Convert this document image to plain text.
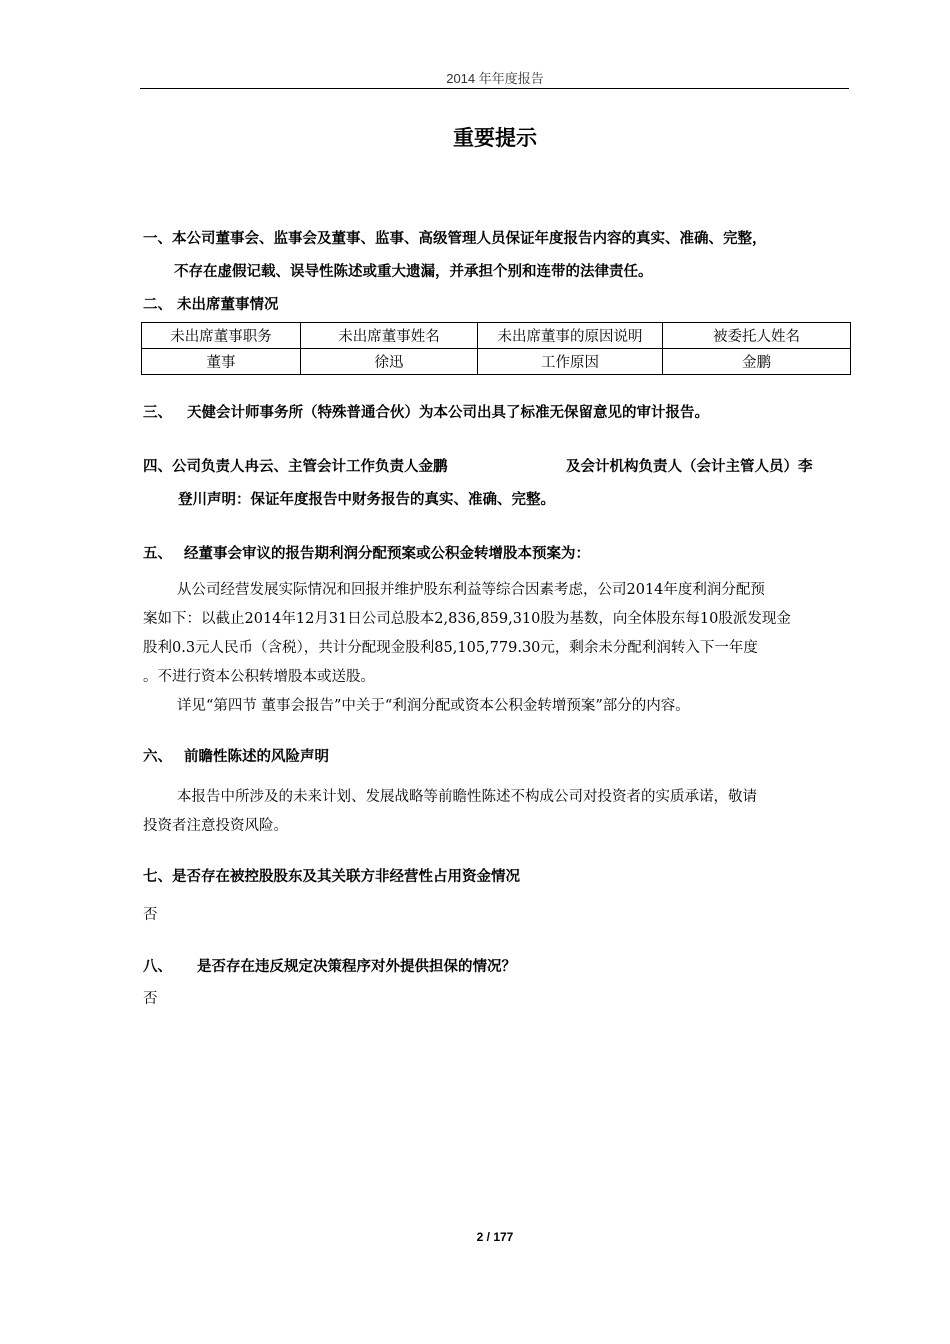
2014 年年度报告
重要提示
一、本公司董事会、监事会及董事、监事、高级管理人员保证年度报告内容的真实、准确、完整，
不存在虚假记载、误导性陈述或重大遗漏，并承担个别和连带的法律责任。
二、 未出席董事情况
未出席董事职务	未出席董事姓名	未出席董事的原因说明	被委托人姓名
董事	徐迅	工作原因	金鹏
三、 天健会计师事务所（特殊普通合伙）为本公司出具了标准无保留意见的审计报告。
四、公司负责人冉云、主管会计工作负责人金鹏	及会计机构负责人（会计主管人员）李
登川声明：保证年度报告中财务报告的真实、准确、完整。
五、 经董事会审议的报告期利润分配预案或公积金转增股本预案为：
从公司经营发展实际情况和回报并维护股东利益等综合因素考虑，公司2014年度利润分配预
案如下：以截止2014年12月31日公司总股本2,836,859,310股为基数，向全体股东每10股派发现金
股利0.3元人民币（含税），共计分配现金股利85,105,779.30元，剩余未分配利润转入下一年度
。不进行资本公积转增股本或送股。
详见“第四节 董事会报告”中关于“利润分配或资本公积金转增预案”部分的内容。
六、 前瞻性陈述的风险声明
本报告中所涉及的未来计划、发展战略等前瞻性陈述不构成公司对投资者的实质承诺，敬请
投资者注意投资风险。
七、是否存在被控股股东及其关联方非经营性占用资金情况
否
八、 是否存在违反规定决策程序对外提供担保的情况？
否
2 / 177
